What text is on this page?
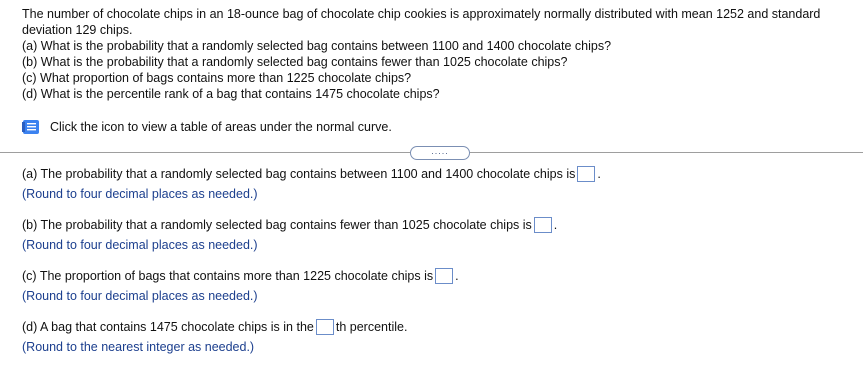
The number of chocolate chips in an 18-ounce bag of chocolate chip cookies is approximately normally distributed with mean 1252 and standard deviation 129 chips.

(a) What is the probability that a randomly selected bag contains between 1100 and 1400 chocolate chips?

(b) What is the probability that a randomly selected bag contains fewer than 1025 chocolate chips?

(c) What proportion of bags contains more than 1225 chocolate chips?

(d) What is the percentile rank of a bag that contains 1475 chocolate chips?

Click the icon to view a table of areas under the normal curve.
.....
(a) The probability that a randomly selected bag contains between 1100 and 1400 chocolate chips is .
(Round to four decimal places as needed.)
(b) The probability that a randomly selected bag contains fewer than 1025 chocolate chips is .
(Round to four decimal places as needed.)
(c) The proportion of bags that contains more than 1225 chocolate chips is .
(Round to four decimal places as needed.)
(d) A bag that contains 1475 chocolate chips is in the th percentile.
(Round to the nearest integer as needed.)
